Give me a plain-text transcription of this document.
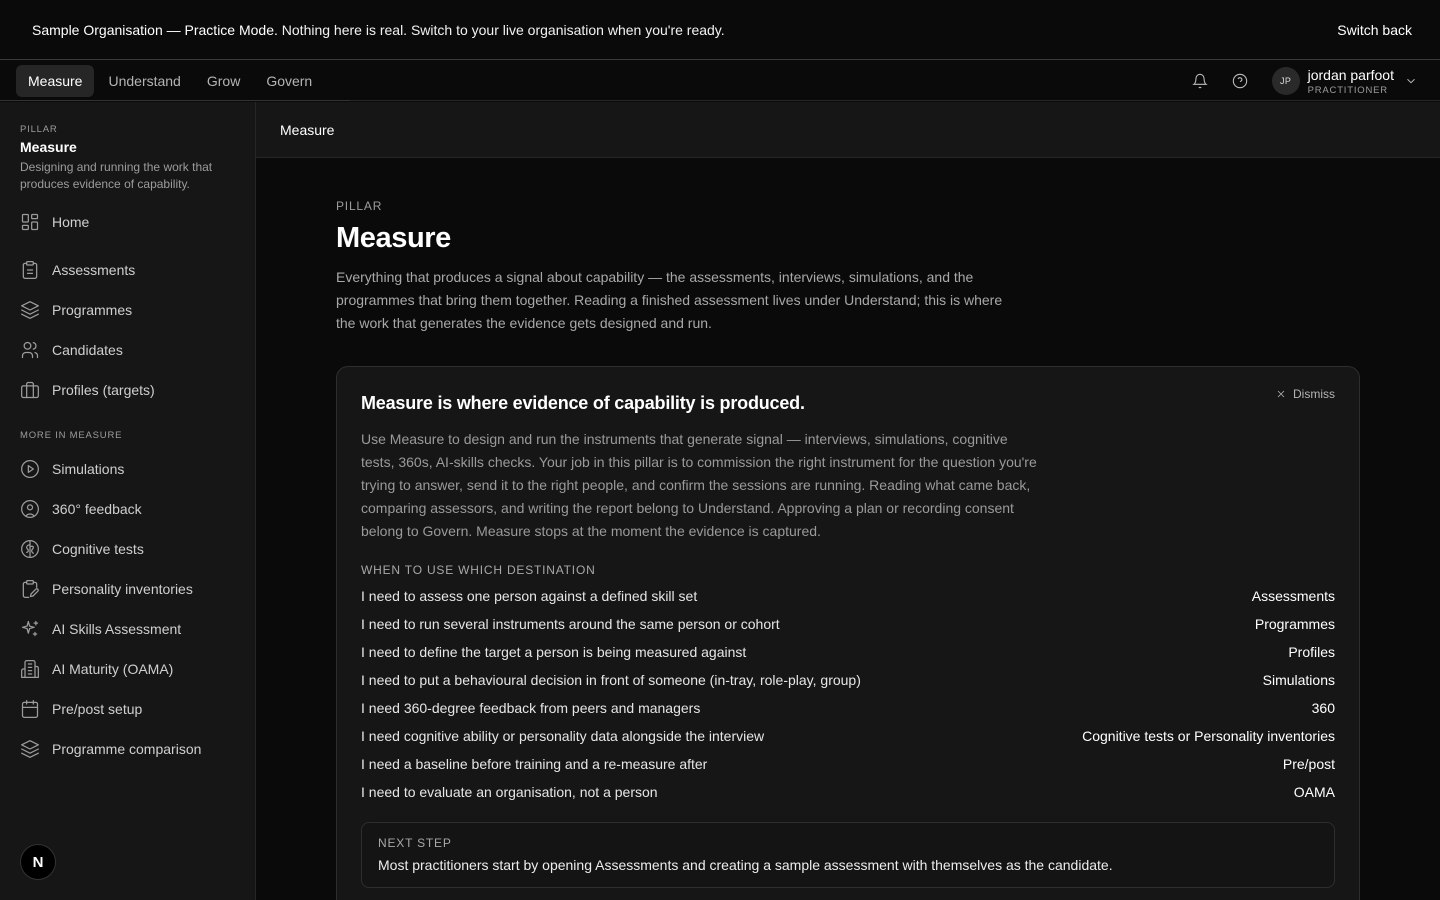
Sample Organisation — Practice Mode. Nothing here is real. Switch to your live organisation when you're ready.	Switch back
Measure	Understand	Grow	Govern	JP	jordan parfoot
PRACTITIONER
PILLAR
Measure
Designing and running the work that produces evidence of capability.
Home
Assessments
Programmes
Candidates
Profiles (targets)
MORE IN MEASURE
Simulations
360° feedback
Cognitive tests
Personality inventories
AI Skills Assessment
AI Maturity (OAMA)
Pre/post setup
Programme comparison
N
Measure
PILLAR
Measure
Everything that produces a signal about capability — the assessments, interviews, simulations, and the programmes that bring them together. Reading a finished assessment lives under Understand; this is where the work that generates the evidence gets designed and run.
Measure is where evidence of capability is produced.	Dismiss
Use Measure to design and run the instruments that generate signal — interviews, simulations, cognitive tests, 360s, AI-skills checks. Your job in this pillar is to commission the right instrument for the question you're trying to answer, send it to the right people, and confirm the sessions are running. Reading what came back, comparing assessors, and writing the report belong to Understand. Approving a plan or recording consent belong to Govern. Measure stops at the moment the evidence is captured.
WHEN TO USE WHICH DESTINATION
I need to assess one person against a defined skill set	Assessments
I need to run several instruments around the same person or cohort	Programmes
I need to define the target a person is being measured against	Profiles
I need to put a behavioural decision in front of someone (in-tray, role-play, group)	Simulations
I need 360-degree feedback from peers and managers	360
I need cognitive ability or personality data alongside the interview	Cognitive tests or Personality inventories
I need a baseline before training and a re-measure after	Pre/post
I need to evaluate an organisation, not a person	OAMA
NEXT STEP
Most practitioners start by opening Assessments and creating a sample assessment with themselves as the candidate.
